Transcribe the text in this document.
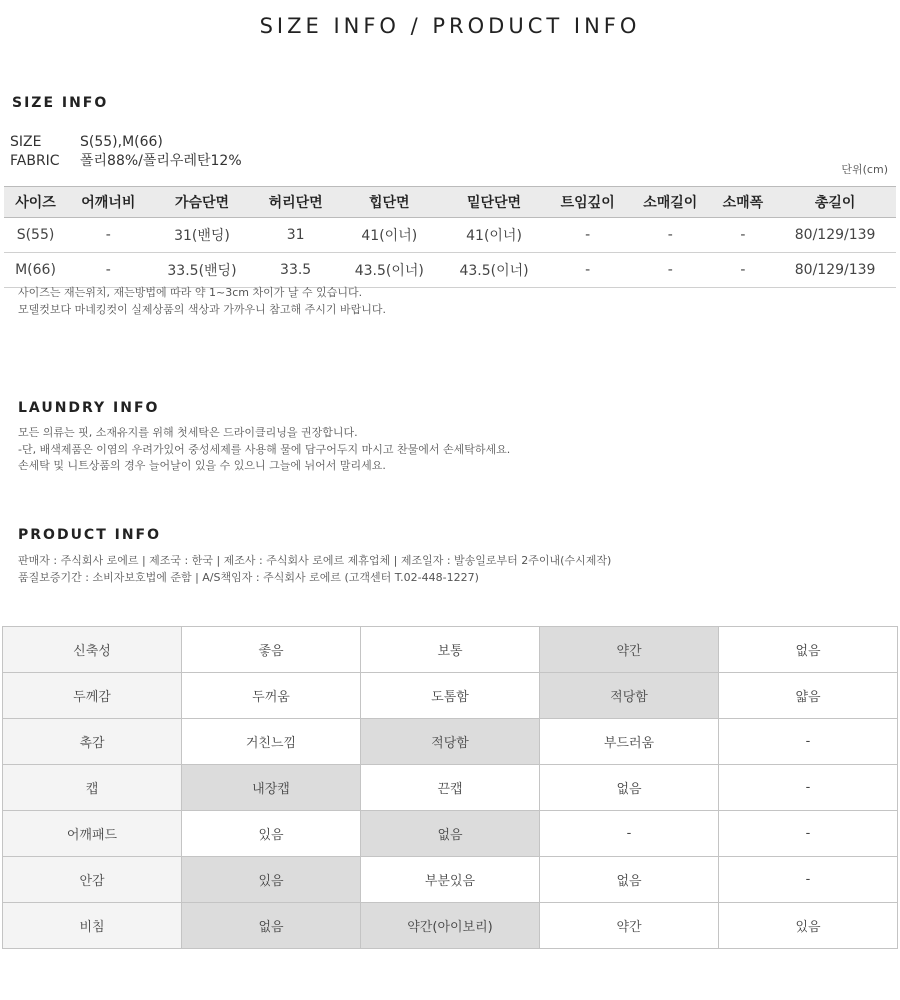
SIZE INFO / PRODUCT INFO
SIZE INFO
SIZE	S(55),M(66)
FABRIC 폴리88%/폴리우레탄12%
단위(cm)
사이즈	어깨너비	가슴단면	허리단면	힙단면	밑단단면	트임깊이	소매길이	소매폭	총길이
S(55)	-	31(밴딩)	31	41(이너)	41(이너)	-	-	-	80/129/139
M(66)	-	33.5(밴딩)	33.5	43.5(이너)	43.5(이너)	-	-	-	80/129/139
사이즈는 재는위치, 재는방법에 따라 약 1~3cm 차이가 날 수 있습니다.
모델컷보다 마네킹컷이 실제상품의 색상과 가까우니 참고해 주시기 바랍니다.
LAUNDRY INFO
모든 의류는 핏, 소재유지를 위해 첫세탁은 드라이클리닝을 권장합니다.
-단, 배색제품은 이염의 우려가있어 중성세제를 사용해 물에 담구어두지 마시고 찬물에서 손세탁하세요.
손세탁 및 니트상품의 경우 늘어날이 있을 수 있으니 그늘에 뉘어서 말리세요.
PRODUCT INFO
판매자 : 주식회사 로에르 | 제조국 : 한국 | 제조사 : 주식회사 로에르 제휴업체 | 제조일자 : 발송일로부터 2주이내(수시제작)
품질보증기간 : 소비자보호법에 준함 | A/S책임자 : 주식회사 로에르 (고객센터 T.02-448-1227)
신축성	좋음	보통	약간	없음
두께감	두꺼움	도톰함	적당함	얇음
촉감	거친느낌	적당함	부드러움	-
캡	내장캡	끈캡	없음	-
어깨패드	있음	없음	-	-
안감	있음	부분있음	없음	-
비침	없음	약간(아이보리)	약간	있음
